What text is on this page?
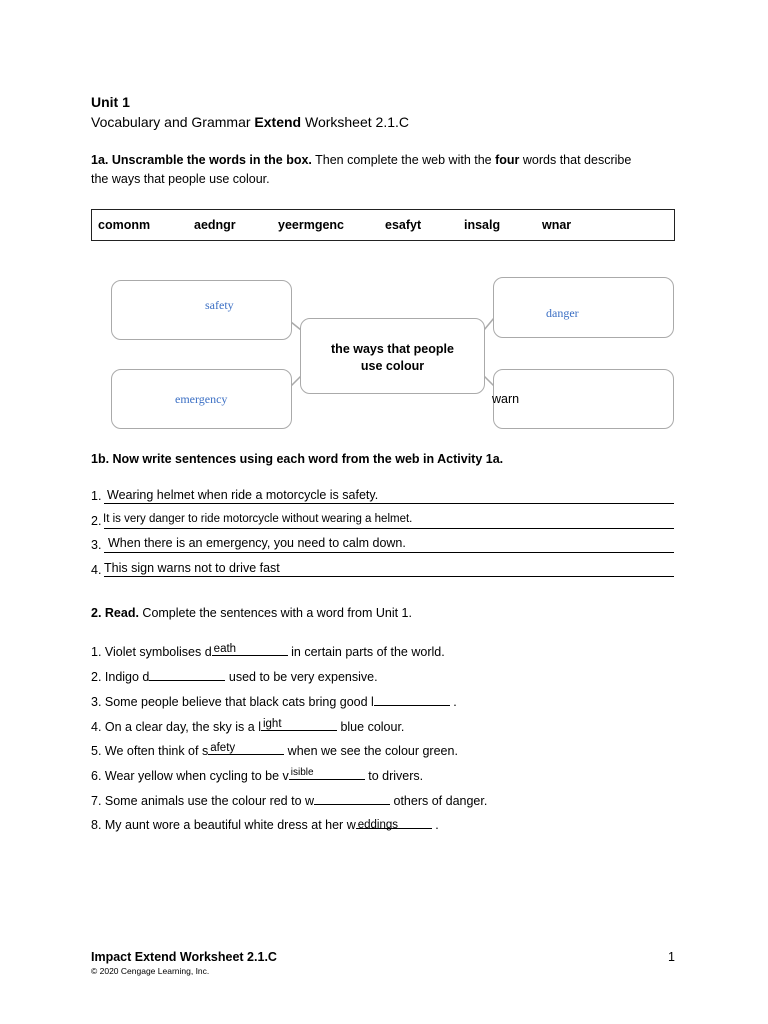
Unit 1
Vocabulary and Grammar Extend Worksheet 2.1.C
1a. Unscramble the words in the box. Then complete the web with the four words that describe the ways that people use colour.
comonm	aedngr	yeermgenc	esafyt	insalg	wnar
safety
danger
emergency	warn
the ways that people use colour
1b. Now write sentences using each word from the web in Activity 1a.
1. Wearing helmet when ride a motorcycle is safety.
2. It is very danger to ride motorcycle without wearing a helmet.
3. When there is an emergency, you need to calm down.
4. This sign warns not to drive fast
2. Read. Complete the sentences with a word from Unit 1.
1. Violet symbolises d eath	in certain parts of the world.
2. Indigo d	used to be very expensive.
3. Some people believe that black cats bring good l	.
4. On a clear day, the sky is a l ight	blue colour.
5. We often think of s afety	when we see the colour green.
6. Wear yellow when cycling to be v isible	to drivers.
7. Some animals use the colour red to w	others of danger.
8. My aunt wore a beautiful white dress at her w eddings	.
Impact Extend Worksheet 2.1.C
© 2020 Cengage Learning, Inc.
1
